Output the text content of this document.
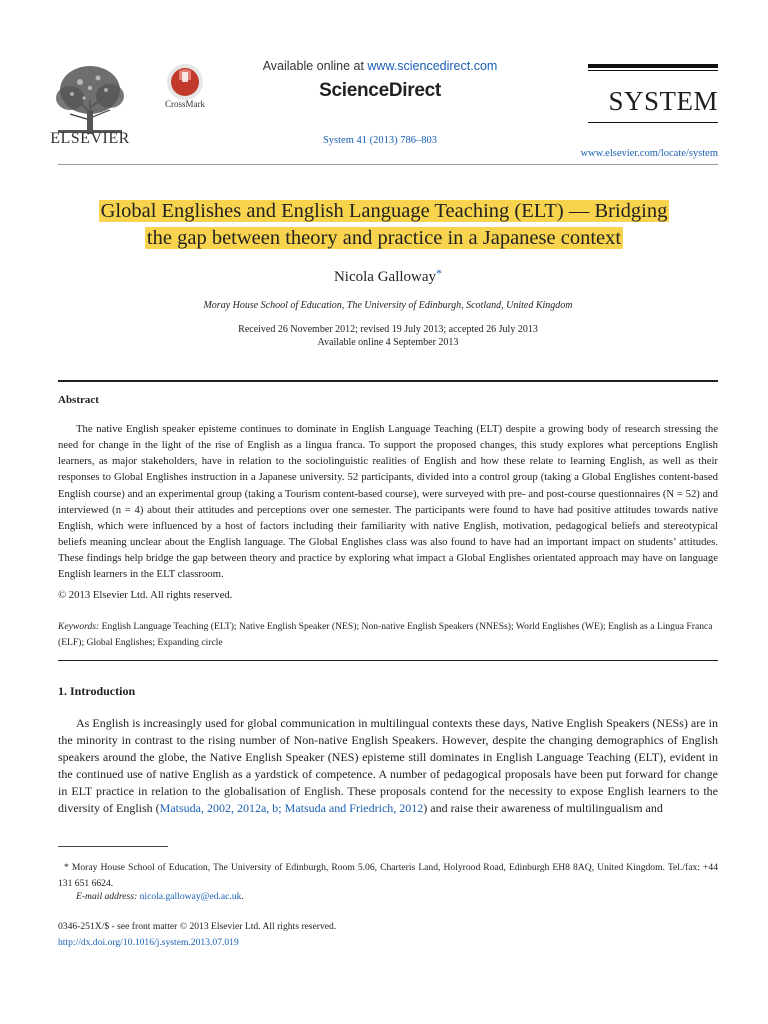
ELSEVIER
CrossMark
Available online at www.sciencedirect.com
ScienceDirect
System 41 (2013) 786–803
SYSTEM
www.elsevier.com/locate/system
Global Englishes and English Language Teaching (ELT) — Bridging
the gap between theory and practice in a Japanese context
Nicola Galloway*
Moray House School of Education, The University of Edinburgh, Scotland, United Kingdom
Received 26 November 2012; revised 19 July 2013; accepted 26 July 2013
Available online 4 September 2013
Abstract

The native English speaker episteme continues to dominate in English Language Teaching (ELT) despite a growing body of research stressing the need for change in the light of the rise of English as a lingua franca. To support the proposed changes, this study explores what perceptions English learners, as major stakeholders, have in relation to the sociolinguistic realities of English and how these relate to learning English, as well as their responses to Global Englishes instruction in a Japanese university. 52 participants, divided into a control group (taking a Global Englishes content-based English course) and an experimental group (taking a Tourism content-based course), were surveyed with pre- and post-course questionnaires (N = 52) and interviewed (n = 4) about their attitudes and perceptions over one semester. The participants were found to have had positive attitudes towards native English, which were influenced by a host of factors including their familiarity with native English, motivation, pedagogical beliefs and stereotypical beliefs meaning unclear about the English language. The Global Englishes class was also found to have had an important impact on students’ attitudes. These findings help bridge the gap between theory and practice by exploring what impact a Global Englishes orientated approach may have on language English learners in the ELT classroom.

© 2013 Elsevier Ltd. All rights reserved.
Keywords: English Language Teaching (ELT); Native English Speaker (NES); Non-native English Speakers (NNESs); World Englishes (WE); English as a Lingua Franca (ELF); Global Englishes; Expanding circle
1. Introduction

As English is increasingly used for global communication in multilingual contexts these days, Native English Speakers (NESs) are in the minority in contrast to the rising number of Non-native English Speakers. However, despite the changing demographics of English speakers around the globe, the Native English Speaker (NES) episteme still dominates in English Language Teaching (ELT), evident in the continued use of native English as a yardstick of competence. A number of pedagogical proposals have been put forward for change in ELT practice in relation to the globalisation of English. These proposals contend for the necessity to expose English learners to the diversity of English (Matsuda, 2002, 2012a, b; Matsuda and Friedrich, 2012) and raise their awareness of multilingualism and

* Moray House School of Education, The University of Edinburgh, Room 5.06, Charteris Land, Holyrood Road, Edinburgh EH8 8AQ, United Kingdom. Tel./fax: +44 131 651 6624.
E-mail address: nicola.galloway@ed.ac.uk.
0346-251X/$ - see front matter © 2013 Elsevier Ltd. All rights reserved.
http://dx.doi.org/10.1016/j.system.2013.07.019
